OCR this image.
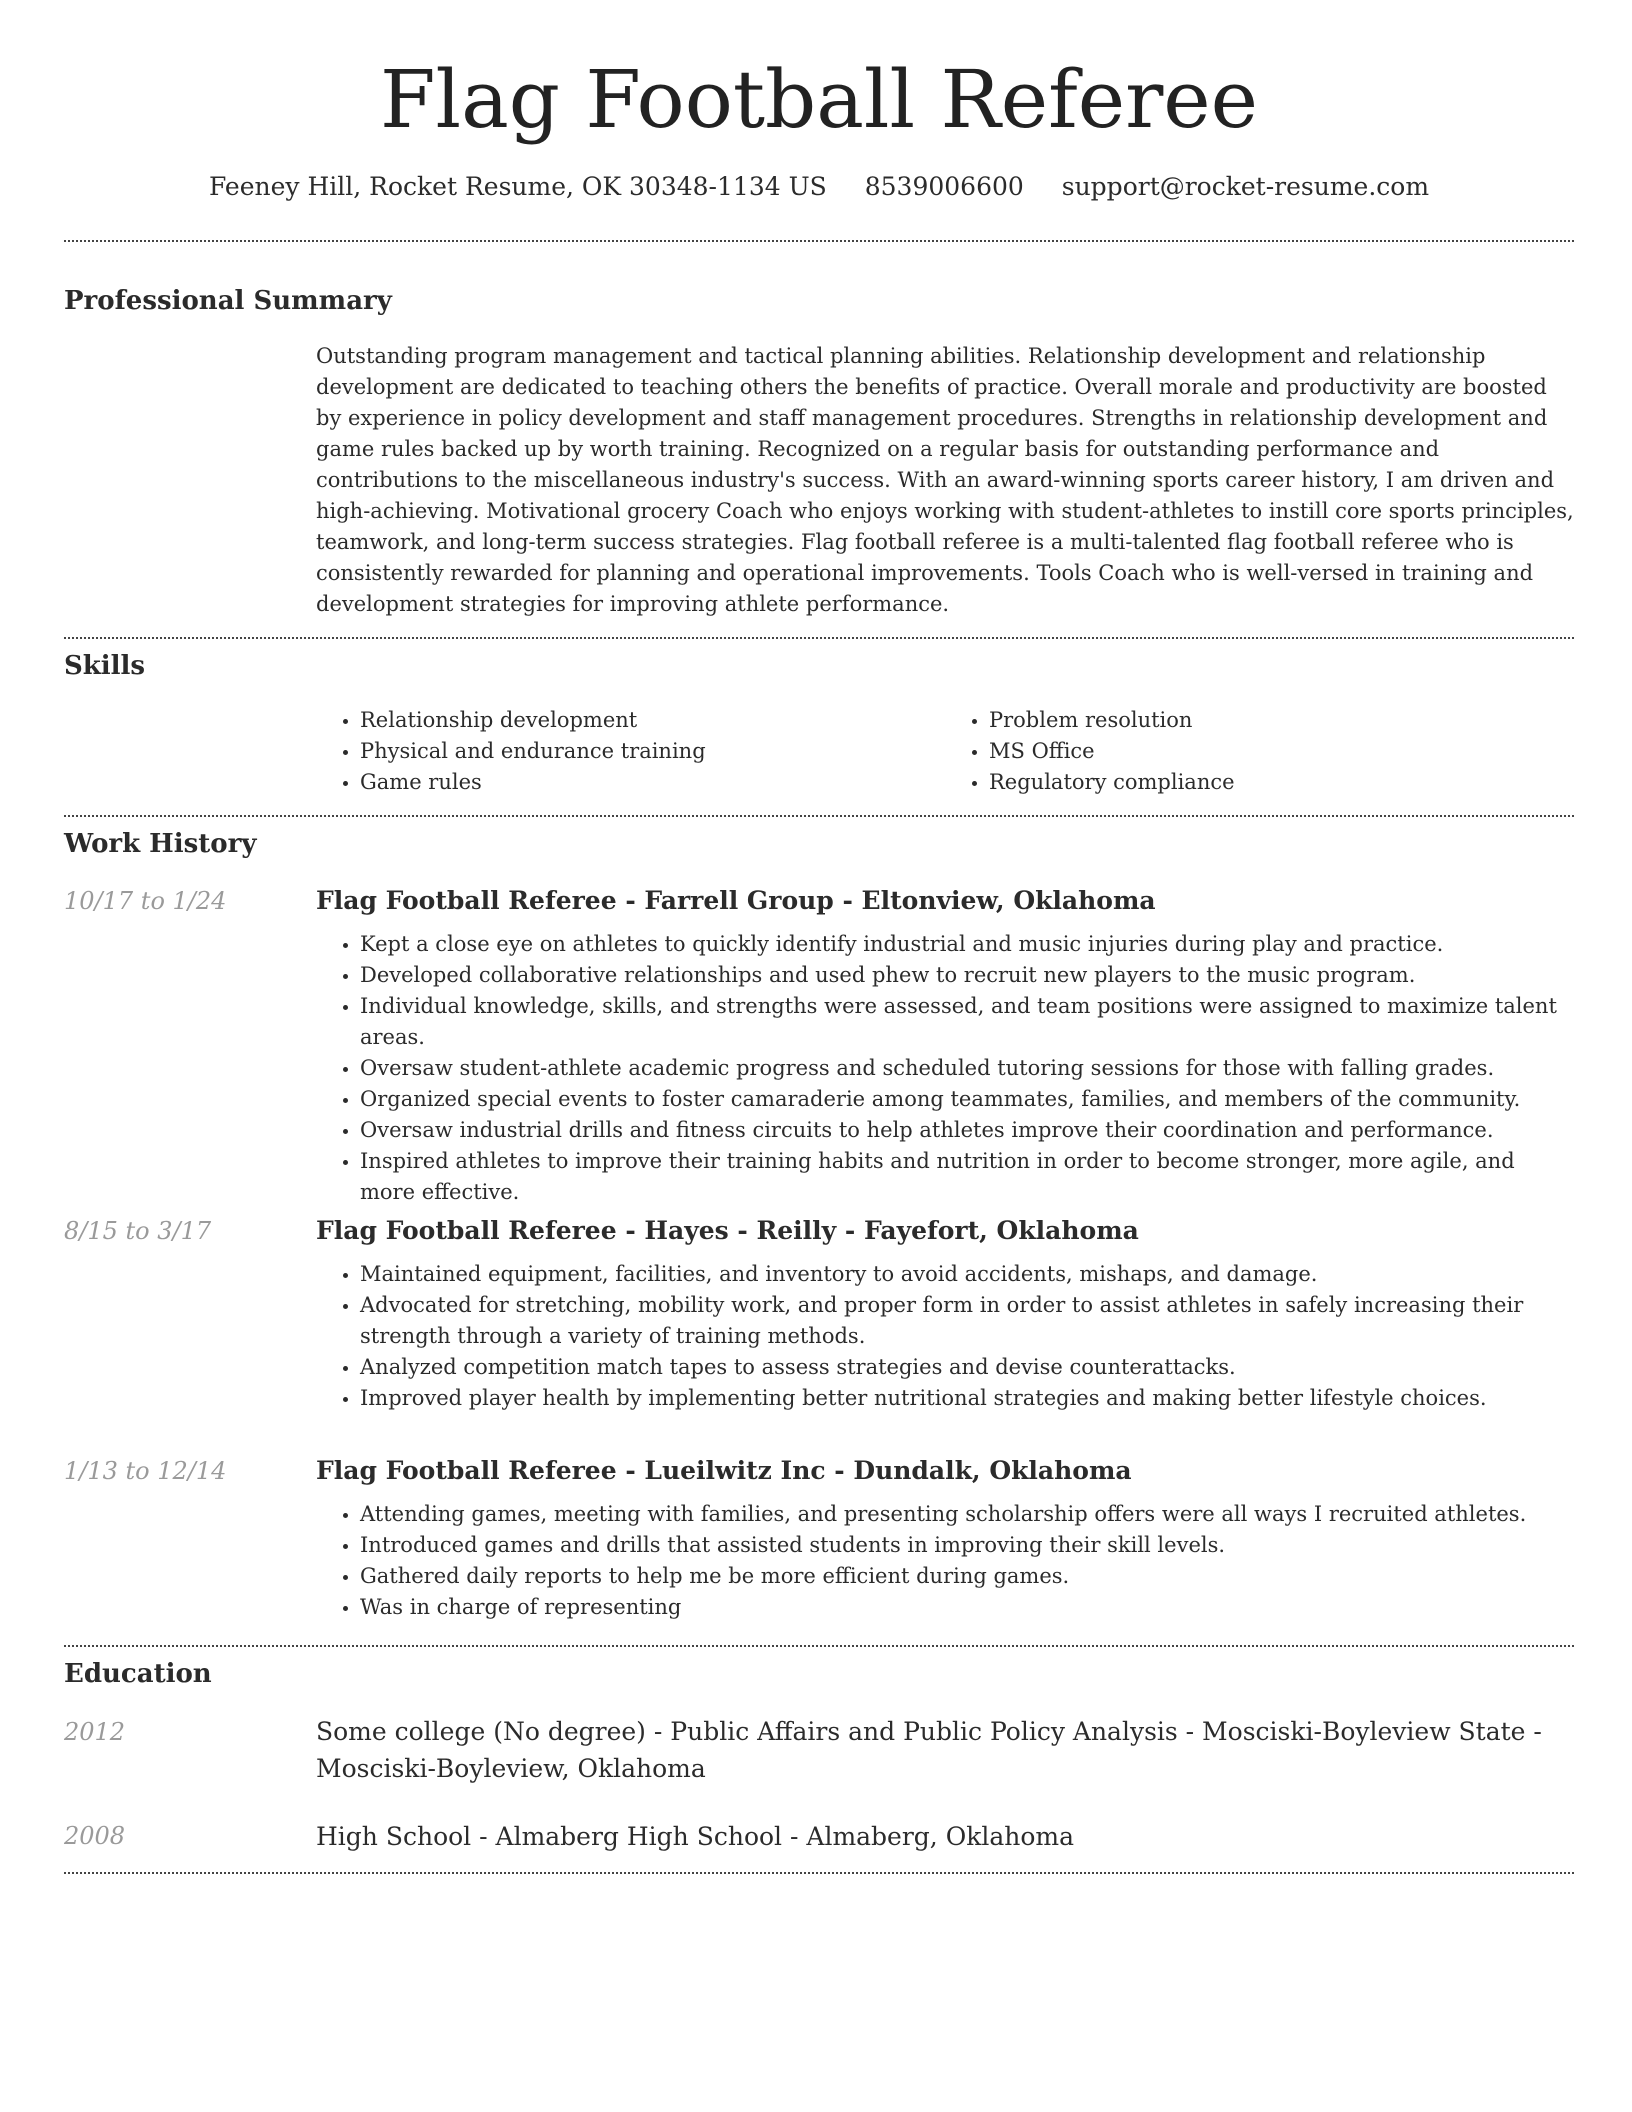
Flag Football Referee
Feeney Hill, Rocket Resume, OK 30348-1134 US 8539006600 support@rocket-resume.com
Professional Summary

Outstanding program management and tactical planning abilities. Relationship development and relationship development are dedicated to teaching others the benefits of practice. Overall morale and productivity are boosted by experience in policy development and staff management procedures. Strengths in relationship development and game rules backed up by worth training. Recognized on a regular basis for outstanding performance and contributions to the miscellaneous industry's success. With an award-winning sports career history, I am driven and high-achieving. Motivational grocery Coach who enjoys working with student-athletes to instill core sports principles, teamwork, and long-term success strategies. Flag football referee is a multi-talented flag football referee who is consistently rewarded for planning and operational improvements. Tools Coach who is well-versed in training and development strategies for improving athlete performance.

Skills
• Relationship development
• Physical and endurance training
• Game rules
• Problem resolution
• MS Office
• Regulatory compliance
Work History
10/17 to 1/24	Flag Football Referee - Farrell Group - Eltonview, Oklahoma
• Kept a close eye on athletes to quickly identify industrial and music injuries during play and practice.
• Developed collaborative relationships and used phew to recruit new players to the music program.
• Individual knowledge, skills, and strengths were assessed, and team positions were assigned to maximize talent areas.
• Oversaw student-athlete academic progress and scheduled tutoring sessions for those with falling grades.
• Organized special events to foster camaraderie among teammates, families, and members of the community.
• Oversaw industrial drills and fitness circuits to help athletes improve their coordination and performance.
• Inspired athletes to improve their training habits and nutrition in order to become stronger, more agile, and more effective.
8/15 to 3/17	Flag Football Referee - Hayes - Reilly - Fayefort, Oklahoma
• Maintained equipment, facilities, and inventory to avoid accidents, mishaps, and damage.
• Advocated for stretching, mobility work, and proper form in order to assist athletes in safely increasing their strength through a variety of training methods.
• Analyzed competition match tapes to assess strategies and devise counterattacks.
• Improved player health by implementing better nutritional strategies and making better lifestyle choices.
1/13 to 12/14	Flag Football Referee - Lueilwitz Inc - Dundalk, Oklahoma
• Attending games, meeting with families, and presenting scholarship offers were all ways I recruited athletes.
• Introduced games and drills that assisted students in improving their skill levels.
• Gathered daily reports to help me be more efficient during games.
• Was in charge of representing
Education
2012	Some college (No degree) - Public Affairs and Public Policy Analysis - Mosciski-Boyleview State - Mosciski-Boyleview, Oklahoma

2008	High School - Almaberg High School - Almaberg, Oklahoma
